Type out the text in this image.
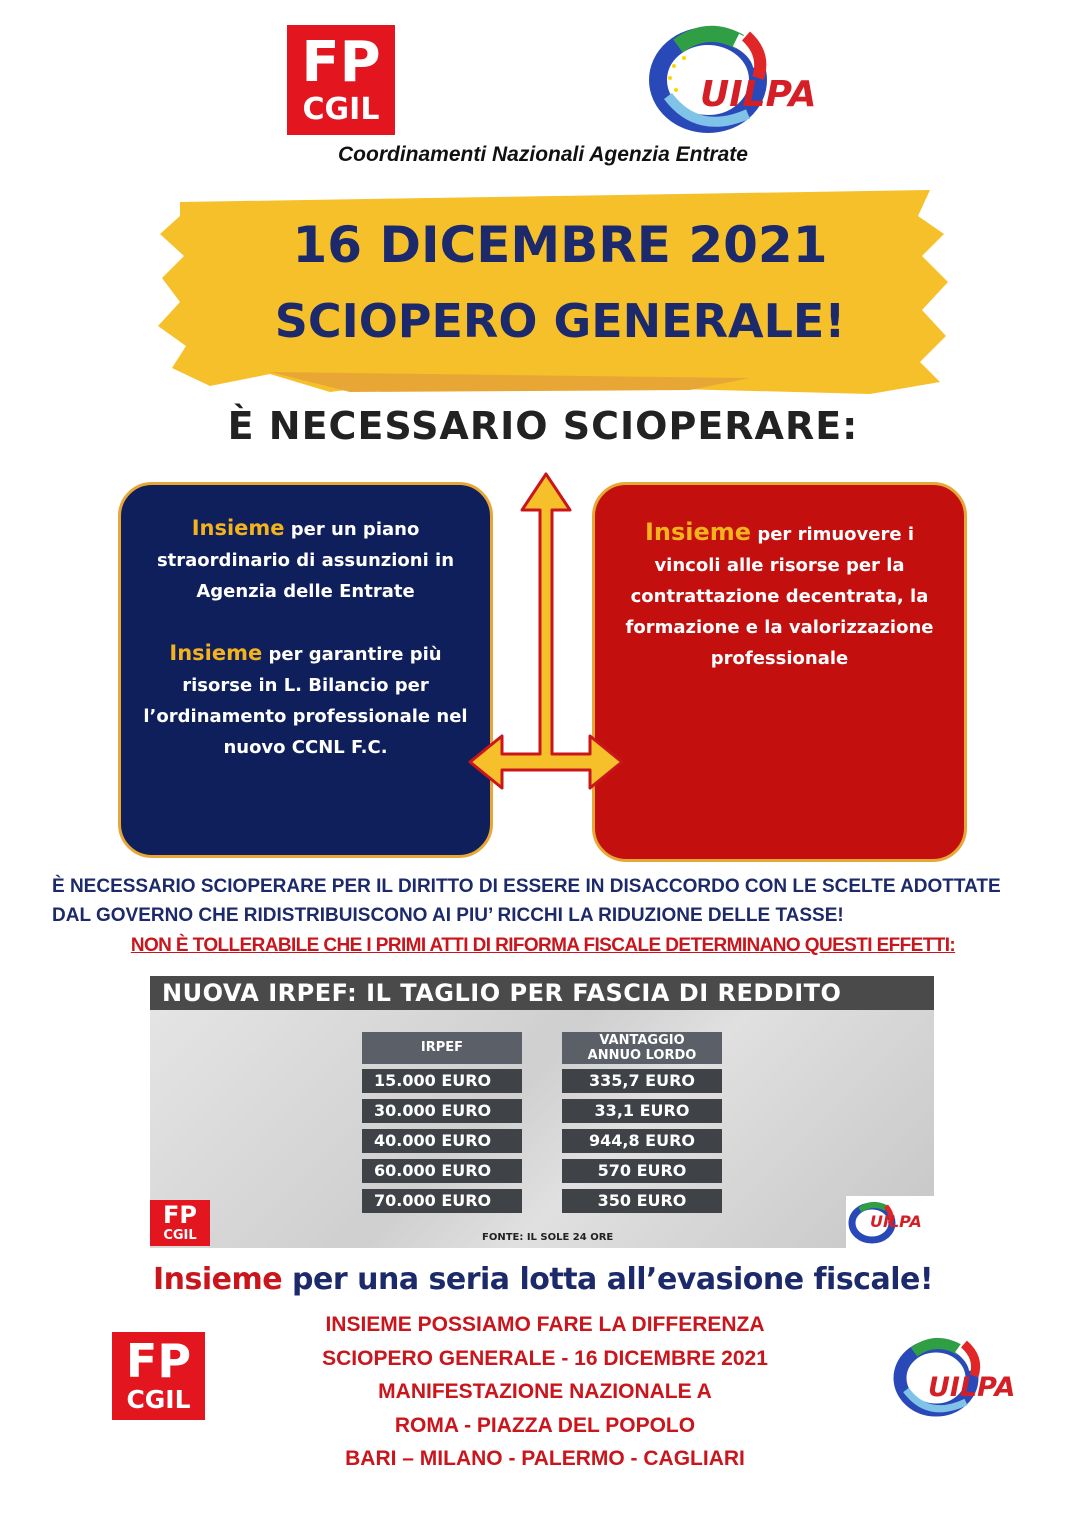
FP
CGIL	UILPA
Coordinamenti Nazionali Agenzia Entrate
16 DICEMBRE 2021
SCIOPERO GENERALE!
È NECESSARIO SCIOPERARE:
Insieme per un piano straordinario di assunzioni in Agenzia delle Entrate
Insieme per garantire più risorse in L. Bilancio per l’ordinamento professionale nel nuovo CCNL F.C.
Insieme per rimuovere i vincoli alle risorse per la contrattazione decentrata, la formazione e la valorizzazione professionale
È NECESSARIO SCIOPERARE PER IL DIRITTO DI ESSERE IN DISACCORDO CON LE SCELTE ADOTTATE
DAL GOVERNO CHE RIDISTRIBUISCONO AI PIU’ RICCHI LA RIDUZIONE DELLE TASSE!
NON È TOLLERABILE CHE I PRIMI ATTI DI RIFORMA FISCALE DETERMINANO QUESTI EFFETTI:
NUOVA IRPEF: IL TAGLIO PER FASCIA DI REDDITO
IRPEF	VANTAGGIO
ANNUO LORDO
15.000 EURO	335,7 EURO
30.000 EURO	33,1 EURO
40.000 EURO	944,8 EURO
60.000 EURO	570 EURO
70.000 EURO	350 EURO
FONTE: IL SOLE 24 ORE
FP
CGIL
UILPA
Insieme per una seria lotta all’evasione fiscale!
INSIEME POSSIAMO FARE LA DIFFERENZA
SCIOPERO GENERALE - 16 DICEMBRE 2021
MANIFESTAZIONE NAZIONALE A
ROMA - PIAZZA DEL POPOLO
BARI – MILANO - PALERMO - CAGLIARI
FP
CGIL	UILPA
